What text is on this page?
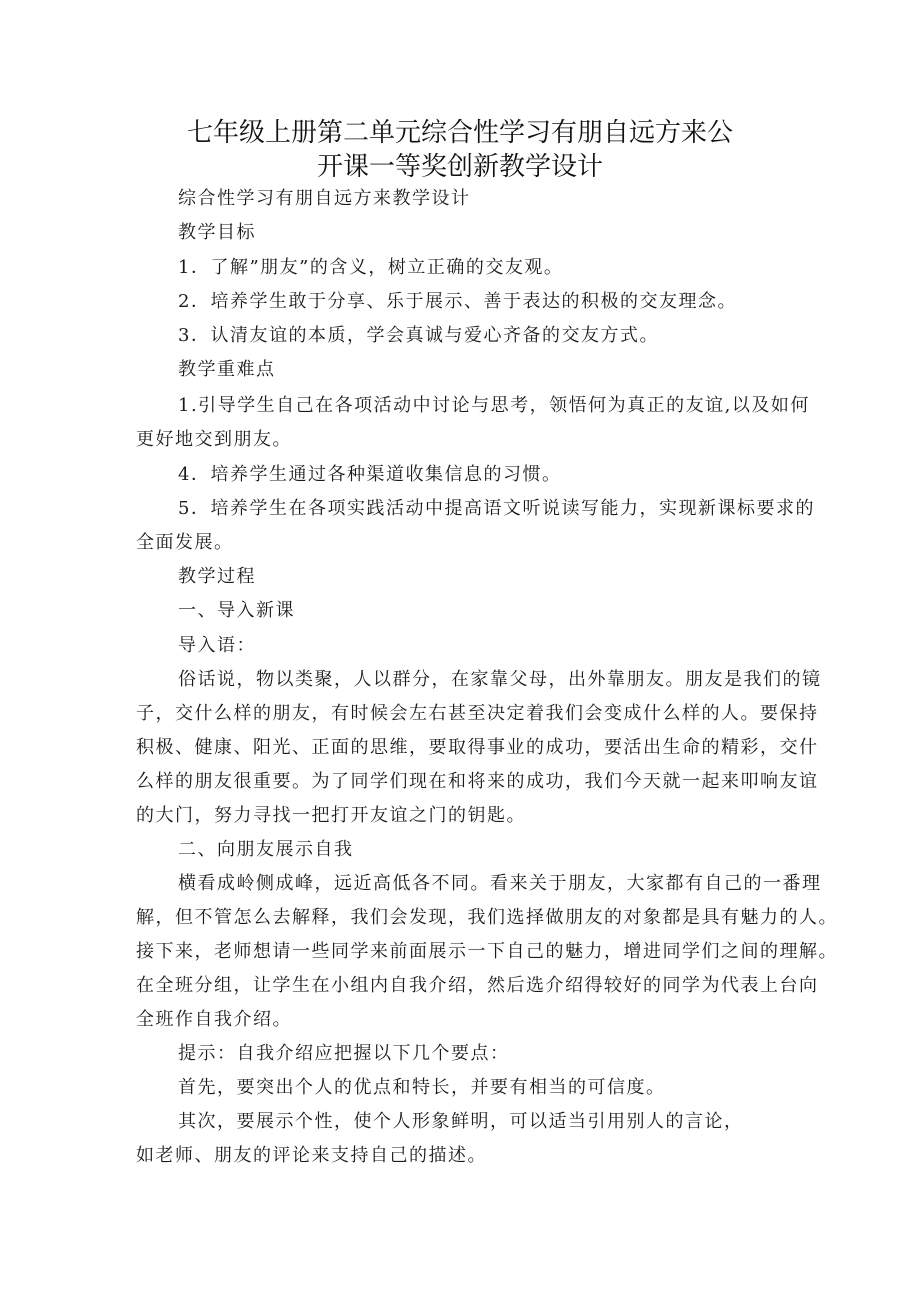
七年级上册第二单元综合性学习有朋自远方来公
开课一等奖创新教学设计
综合性学习有朋自远方来教学设计
教学目标
1．了解”朋友”的含义，树立正确的交友观。
2．培养学生敢于分享、乐于展示、善于表达的积极的交友理念。
3．认清友谊的本质，学会真诚与爱心齐备的交友方式。
教学重难点
1.引导学生自己在各项活动中讨论与思考，领悟何为真正的友谊,以及如何
更好地交到朋友。
4．培养学生通过各种渠道收集信息的习惯。
5．培养学生在各项实践活动中提高语文听说读写能力，实现新课标要求的
全面发展。
教学过程
一、导入新课
导入语：
俗话说，物以类聚，人以群分，在家靠父母，出外靠朋友。朋友是我们的镜
子，交什么样的朋友，有时候会左右甚至决定着我们会变成什么样的人。要保持
积极、健康、阳光、正面的思维，要取得事业的成功，要活出生命的精彩，交什
么样的朋友很重要。为了同学们现在和将来的成功，我们今天就一起来叩响友谊
的大门，努力寻找一把打开友谊之门的钥匙。
二、向朋友展示自我
横看成岭侧成峰，远近高低各不同。看来关于朋友，大家都有自己的一番理
解，但不管怎么去解释，我们会发现，我们选择做朋友的对象都是具有魅力的人。
接下来，老师想请一些同学来前面展示一下自己的魅力，增进同学们之间的理解。
在全班分组，让学生在小组内自我介绍，然后选介绍得较好的同学为代表上台向
全班作自我介绍。
提示：自我介绍应把握以下几个要点：
首先，要突出个人的优点和特长，并要有相当的可信度。
其次，要展示个性，使个人形象鲜明，可以适当引用别人的言论，
如老师、朋友的评论来支持自己的描述。
